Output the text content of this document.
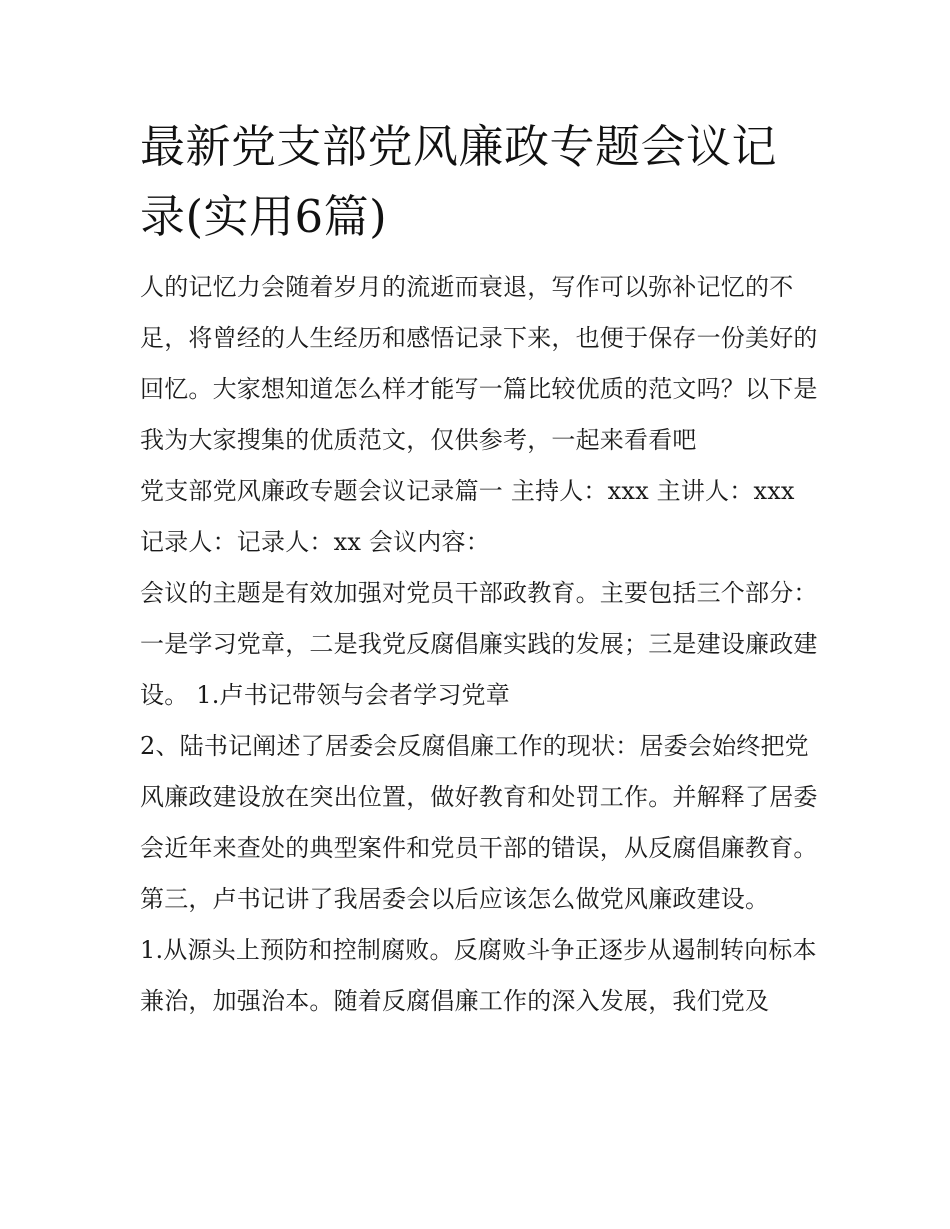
最新党支部党风廉政专题会议记录(实用6篇)

人的记忆力会随着岁月的流逝而衰退，写作可以弥补记忆的不足，将曾经的人生经历和感悟记录下来，也便于保存一份美好的回忆。大家想知道怎么样才能写一篇比较优质的范文吗？以下是我为大家搜集的优质范文，仅供参考，一起来看看吧

党支部党风廉政专题会议记录篇一 主持人：xxx 主讲人：xxx 记录人：记录人：xx 会议内容：

会议的主题是有效加强对党员干部政教育。主要包括三个部分：一是学习党章，二是我党反腐倡廉实践的发展；三是建设廉政建设。 1.卢书记带领与会者学习党章

2、陆书记阐述了居委会反腐倡廉工作的现状：居委会始终把党风廉政建设放在突出位置，做好教育和处罚工作。并解释了居委会近年来查处的典型案件和党员干部的错误，从反腐倡廉教育。

第三，卢书记讲了我居委会以后应该怎么做党风廉政建设。

1.从源头上预防和控制腐败。反腐败斗争正逐步从遏制转向标本兼治，加强治本。随着反腐倡廉工作的深入发展，我们党及
